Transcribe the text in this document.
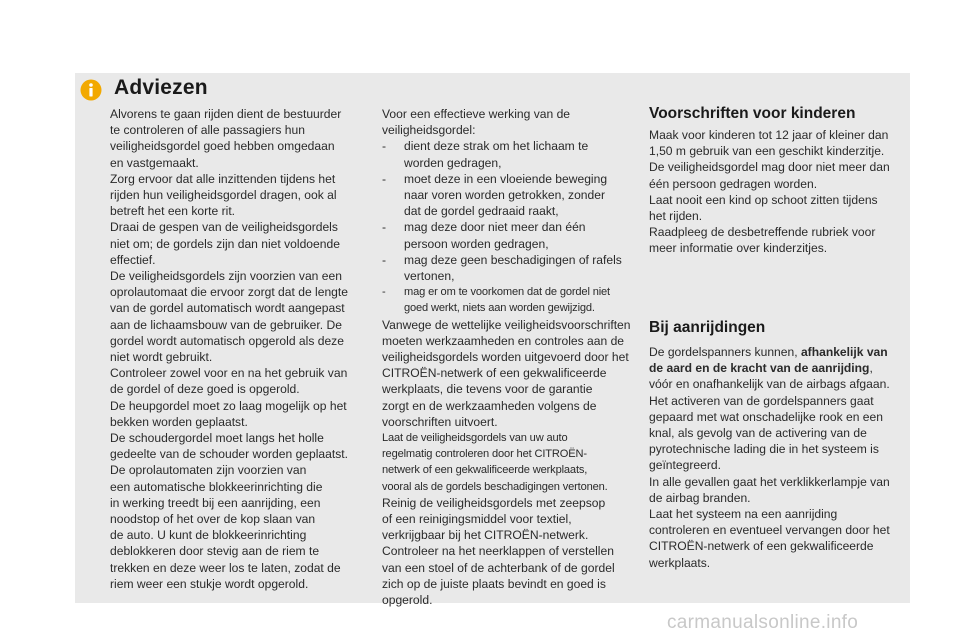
Adviezen
Alvorens te gaan rijden dient de bestuurder
te controleren of alle passagiers hun
veiligheidsgordel goed hebben omgedaan
en vastgemaakt.
Zorg ervoor dat alle inzittenden tijdens het
rijden hun veiligheidsgordel dragen, ook al
betreft het een korte rit.
Draai de gespen van de veiligheidsgordels
niet om; de gordels zijn dan niet voldoende
effectief.
De veiligheidsgordels zijn voorzien van een
oprolautomaat die ervoor zorgt dat de lengte
van de gordel automatisch wordt aangepast
aan de lichaamsbouw van de gebruiker. De
gordel wordt automatisch opgerold als deze
niet wordt gebruikt.
Controleer zowel voor en na het gebruik van
de gordel of deze goed is opgerold.
De heupgordel moet zo laag mogelijk op het
bekken worden geplaatst.
De schoudergordel moet langs het holle
gedeelte van de schouder worden geplaatst.
De oprolautomaten zijn voorzien van
een automatische blokkeerinrichting die
in werking treedt bij een aanrijding, een
noodstop of het over de kop slaan van
de auto. U kunt de blokkeerinrichting
deblokkeren door stevig aan de riem te
trekken en deze weer los te laten, zodat de
riem weer een stukje wordt opgerold.
Voor een effectieve werking van de
veiligheidsgordel:
- dient deze strak om het lichaam te
worden gedragen,
- moet deze in een vloeiende beweging
naar voren worden getrokken, zonder
dat de gordel gedraaid raakt,
- mag deze door niet meer dan één
persoon worden gedragen,
- mag deze geen beschadigingen of rafels
vertonen,
- mag er om te voorkomen dat de gordel niet
goed werkt, niets aan worden gewijzigd.
Vanwege de wettelijke veiligheidsvoorschriften
moeten werkzaamheden en controles aan de
veiligheidsgordels worden uitgevoerd door het
CITROËN-netwerk of een gekwalificeerde
werkplaats, die tevens voor de garantie
zorgt en de werkzaamheden volgens de
voorschriften uitvoert.
Laat de veiligheidsgordels van uw auto
regelmatig controleren door het CITROËN-
netwerk of een gekwalificeerde werkplaats,
vooral als de gordels beschadigingen vertonen.
Reinig de veiligheidsgordels met zeepsop
of een reinigingsmiddel voor textiel,
verkrijgbaar bij het CITROËN-netwerk.
Controleer na het neerklappen of verstellen
van een stoel of de achterbank of de gordel
zich op de juiste plaats bevindt en goed is
opgerold.
Voorschriften voor kinderen
Maak voor kinderen tot 12 jaar of kleiner dan
1,50 m gebruik van een geschikt kinderzitje.
De veiligheidsgordel mag door niet meer dan
één persoon gedragen worden.
Laat nooit een kind op schoot zitten tijdens
het rijden.
Raadpleeg de desbetreffende rubriek voor
meer informatie over kinderzitjes.
Bij aanrijdingen
De gordelspanners kunnen, afhankelijk van
de aard en de kracht van de aanrijding,
vóór en onafhankelijk van de airbags afgaan.
Het activeren van de gordelspanners gaat
gepaard met wat onschadelijke rook en een
knal, als gevolg van de activering van de
pyrotechnische lading die in het systeem is
geïntegreerd.
In alle gevallen gaat het verklikkerlampje van
de airbag branden.
Laat het systeem na een aanrijding
controleren en eventueel vervangen door het
CITROËN-netwerk of een gekwalificeerde
werkplaats.
carmanualsonline.info
